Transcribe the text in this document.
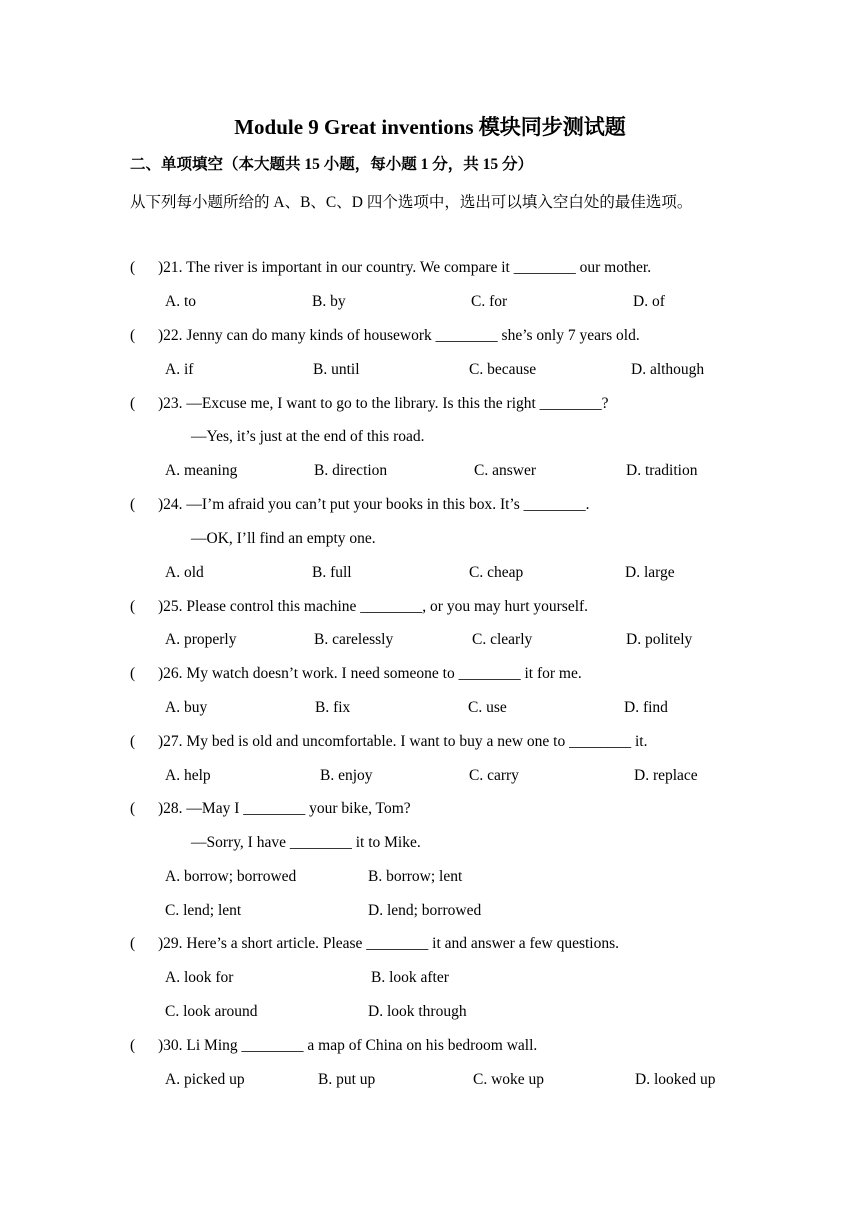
Module 9 Great inventions 模块同步测试题

二、单项填空（本大题共 15 小题，每小题 1 分，共 15 分）

从下列每小题所给的 A、B、C、D 四个选项中，选出可以填入空白处的最佳选项。

( )21. The river is important in our country. We compare it ________ our mother.

A. to	B. by	C. for	D. of

( )22. Jenny can do many kinds of housework ________ she’s only 7 years old.

A. if	B. until	C. because	D. although

( )23. —Excuse me, I want to go to the library. Is this the right ________?

—Yes, it’s just at the end of this road.

A. meaning	B. direction	C. answer	D. tradition

( )24. —I’m afraid you can’t put your books in this box. It’s ________.

—OK, I’ll find an empty one.

A. old	B. full	C. cheap	D. large

( )25. Please control this machine ________, or you may hurt yourself.

A. properly	B. carelessly	C. clearly	D. politely

( )26. My watch doesn’t work. I need someone to ________ it for me.

A. buy	B. fix	C. use	D. find

( )27. My bed is old and uncomfortable. I want to buy a new one to ________ it.

A. help	B. enjoy	C. carry	D. replace

( )28. —May I ________ your bike, Tom?

—Sorry, I have ________ it to Mike.

A. borrow; borrowed	B. borrow; lent
C. lend; lent	D. lend; borrowed

( )29. Here’s a short article. Please ________ it and answer a few questions.

A. look for	B. look after
C. look around	D. look through

( )30. Li Ming ________ a map of China on his bedroom wall.

A. picked up	B. put up	C. woke up	D. looked up
